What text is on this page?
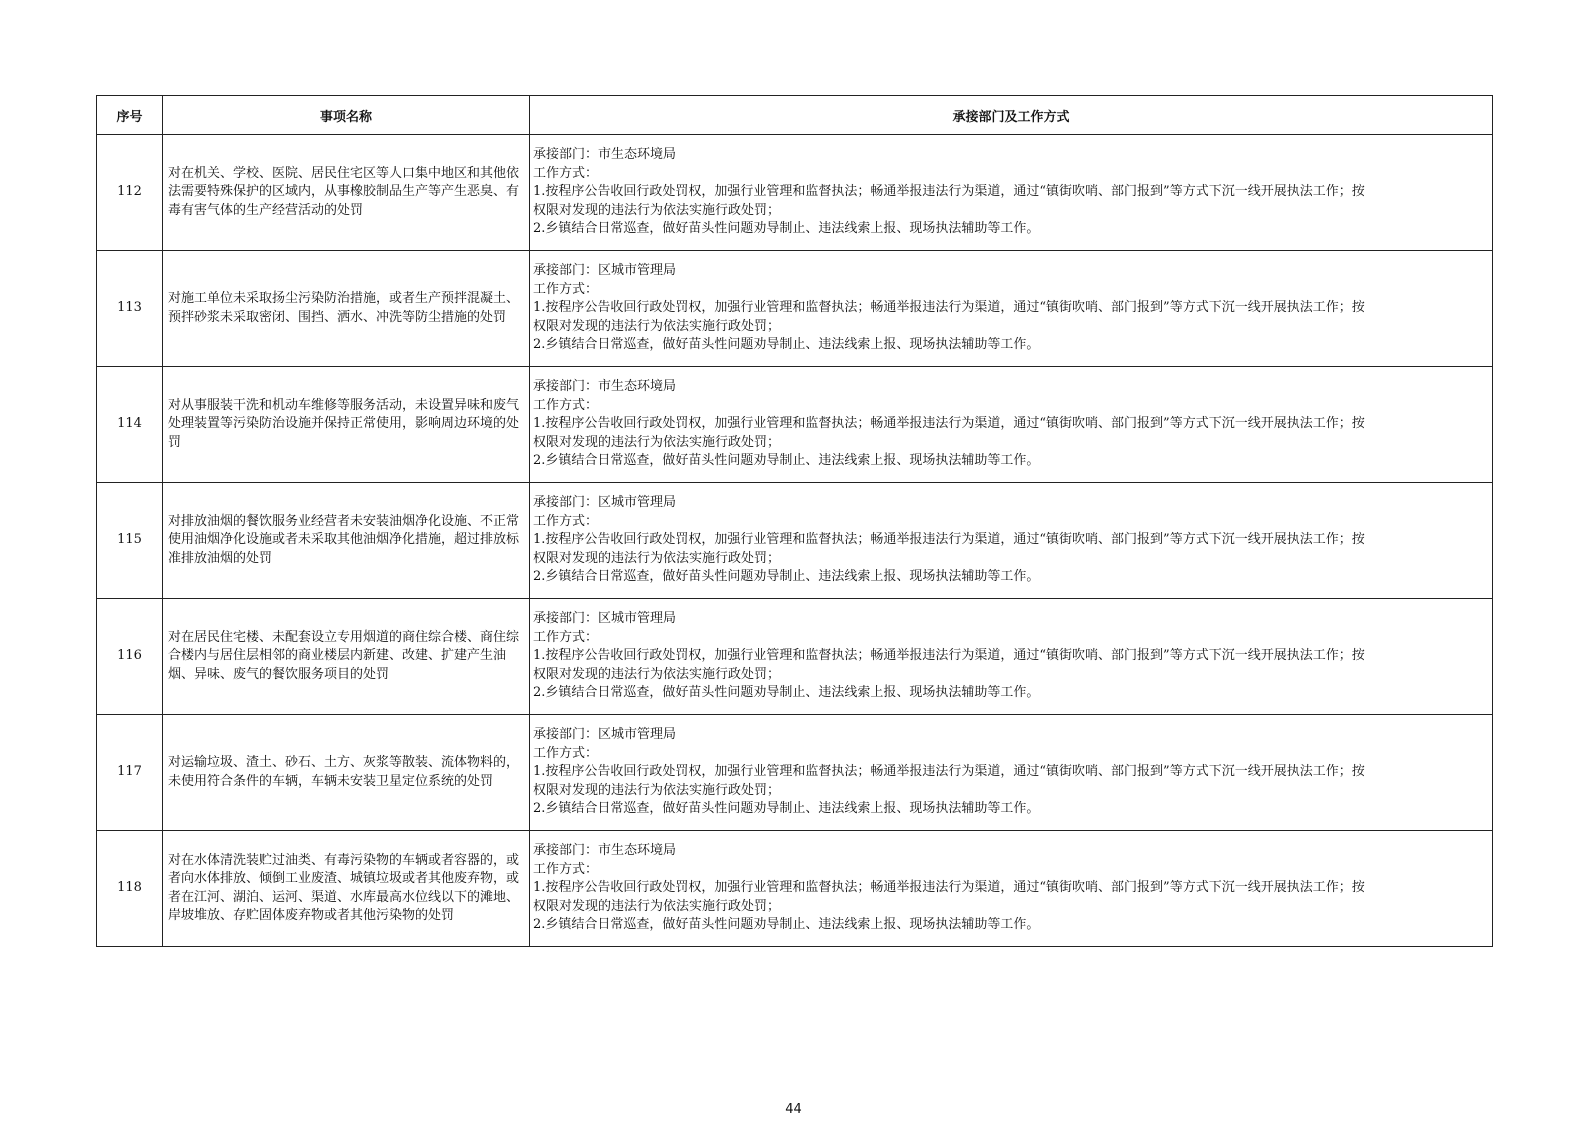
序号	事项名称	承接部门及工作方式
112	对在机关、学校、医院、居民住宅区等人口集中地区和其他依法需要特殊保护的区域内，从事橡胶制品生产等产生恶臭、有毒有害气体的生产经营活动的处罚	承接部门：市生态环境局
工作方式：
1.按程序公告收回行政处罚权，加强行业管理和监督执法；畅通举报违法行为渠道，通过“镇街吹哨、部门报到”等方式下沉一线开展执法工作；按
权限对发现的违法行为依法实施行政处罚；
2.乡镇结合日常巡查，做好苗头性问题劝导制止、违法线索上报、现场执法辅助等工作。

113	对施工单位未采取扬尘污染防治措施，或者生产预拌混凝土、预拌砂浆未采取密闭、围挡、洒水、冲洗等防尘措施的处罚	承接部门：区城市管理局
工作方式：
1.按程序公告收回行政处罚权，加强行业管理和监督执法；畅通举报违法行为渠道，通过“镇街吹哨、部门报到”等方式下沉一线开展执法工作；按
权限对发现的违法行为依法实施行政处罚；
2.乡镇结合日常巡查，做好苗头性问题劝导制止、违法线索上报、现场执法辅助等工作。

114	对从事服装干洗和机动车维修等服务活动，未设置异味和废气处理装置等污染防治设施并保持正常使用，影响周边环境的处罚	承接部门：市生态环境局
工作方式：
1.按程序公告收回行政处罚权，加强行业管理和监督执法；畅通举报违法行为渠道，通过“镇街吹哨、部门报到”等方式下沉一线开展执法工作；按
权限对发现的违法行为依法实施行政处罚；
2.乡镇结合日常巡查，做好苗头性问题劝导制止、违法线索上报、现场执法辅助等工作。

115	对排放油烟的餐饮服务业经营者未安装油烟净化设施、不正常使用油烟净化设施或者未采取其他油烟净化措施，超过排放标准排放油烟的处罚	承接部门：区城市管理局
工作方式：
1.按程序公告收回行政处罚权，加强行业管理和监督执法；畅通举报违法行为渠道，通过“镇街吹哨、部门报到”等方式下沉一线开展执法工作；按
权限对发现的违法行为依法实施行政处罚；
2.乡镇结合日常巡查，做好苗头性问题劝导制止、违法线索上报、现场执法辅助等工作。

116	对在居民住宅楼、未配套设立专用烟道的商住综合楼、商住综合楼内与居住层相邻的商业楼层内新建、改建、扩建产生油烟、异味、废气的餐饮服务项目的处罚	承接部门：区城市管理局
工作方式：
1.按程序公告收回行政处罚权，加强行业管理和监督执法；畅通举报违法行为渠道，通过“镇街吹哨、部门报到”等方式下沉一线开展执法工作；按
权限对发现的违法行为依法实施行政处罚；
2.乡镇结合日常巡查，做好苗头性问题劝导制止、违法线索上报、现场执法辅助等工作。

117	对运输垃圾、渣土、砂石、土方、灰浆等散装、流体物料的，未使用符合条件的车辆，车辆未安装卫星定位系统的处罚	承接部门：区城市管理局
工作方式：
1.按程序公告收回行政处罚权，加强行业管理和监督执法；畅通举报违法行为渠道，通过“镇街吹哨、部门报到”等方式下沉一线开展执法工作；按
权限对发现的违法行为依法实施行政处罚；
2.乡镇结合日常巡查，做好苗头性问题劝导制止、违法线索上报、现场执法辅助等工作。

118	对在水体清洗装贮过油类、有毒污染物的车辆或者容器的，或者向水体排放、倾倒工业废渣、城镇垃圾或者其他废弃物，或者在江河、湖泊、运河、渠道、水库最高水位线以下的滩地、岸坡堆放、存贮固体废弃物或者其他污染物的处罚	承接部门：市生态环境局
工作方式：
1.按程序公告收回行政处罚权，加强行业管理和监督执法；畅通举报违法行为渠道，通过“镇街吹哨、部门报到”等方式下沉一线开展执法工作；按
权限对发现的违法行为依法实施行政处罚；
2.乡镇结合日常巡查，做好苗头性问题劝导制止、违法线索上报、现场执法辅助等工作。
44
